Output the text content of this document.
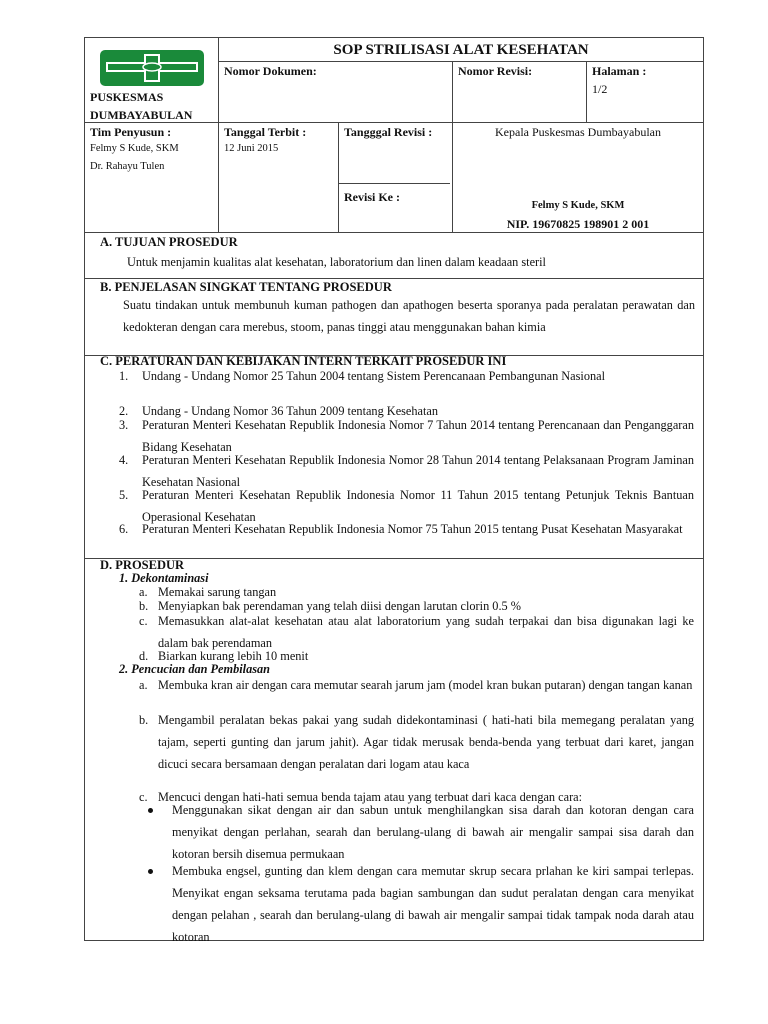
PUSKESMAS
DUMBAYABULAN
SOP STRILISASI ALAT KESEHATAN
Nomor Dokumen:	Nomor Revisi:	Halaman :
1/2
Tim Penyusun :
Felmy S Kude, SKM
Dr. Rahayu Tulen
Tanggal Terbit :
12 Juni 2015
Tangggal Revisi :
Revisi Ke :
Kepala Puskesmas Dumbayabulan
Felmy S Kude, SKM
NIP. 19670825 198901 2 001
A. TUJUAN PROSEDUR
Untuk menjamin kualitas alat kesehatan, laboratorium dan linen dalam keadaan steril
B. PENJELASAN SINGKAT TENTANG PROSEDUR
Suatu tindakan untuk membunuh kuman pathogen dan apathogen beserta sporanya pada peralatan perawatan dan kedokteran dengan cara merebus, stoom, panas tinggi atau menggunakan bahan kimia
C. PERATURAN DAN KEBIJAKAN INTERN TERKAIT PROSEDUR INI
1. Undang - Undang Nomor 25 Tahun 2004 tentang Sistem Perencanaan Pembangunan Nasional
2. Undang - Undang Nomor 36 Tahun 2009 tentang Kesehatan
3. Peraturan Menteri Kesehatan Republik Indonesia Nomor 7 Tahun 2014 tentang Perencanaan dan Penganggaran Bidang Kesehatan
4. Peraturan Menteri Kesehatan Republik Indonesia Nomor 28 Tahun 2014 tentang Pelaksanaan Program Jaminan Kesehatan Nasional
5. Peraturan Menteri Kesehatan Republik Indonesia Nomor 11 Tahun 2015 tentang Petunjuk Teknis Bantuan Operasional Kesehatan
6. Peraturan Menteri Kesehatan Republik Indonesia Nomor 75 Tahun 2015 tentang Pusat Kesehatan Masyarakat
D. PROSEDUR
1. Dekontaminasi
a. Memakai sarung tangan
b. Menyiapkan bak perendaman yang telah diisi dengan larutan clorin 0.5 %
c. Memasukkan alat-alat kesehatan atau alat laboratorium yang sudah terpakai dan bisa digunakan lagi ke dalam bak perendaman
d. Biarkan kurang lebih 10 menit
2. Pencucian dan Pembilasan
a. Membuka kran air dengan cara memutar searah jarum jam (model kran bukan putaran) dengan tangan kanan
b. Mengambil peralatan bekas pakai yang sudah didekontaminasi ( hati-hati bila memegang peralatan yang tajam, seperti gunting dan jarum jahit). Agar tidak merusak benda-benda yang terbuat dari karet, jangan dicuci secara bersamaan dengan peralatan dari logam atau kaca
c. Mencuci dengan hati-hati semua benda tajam atau yang terbuat dari kaca dengan cara:
Menggunakan sikat dengan air dan sabun untuk menghilangkan sisa darah dan kotoran dengan cara menyikat dengan perlahan, searah dan berulang-ulang di bawah air mengalir sampai sisa darah dan kotoran bersih disemua permukaan
Membuka engsel, gunting dan klem dengan cara memutar skrup secara prlahan ke kiri sampai terlepas. Menyikat engan seksama terutama pada bagian sambungan dan sudut peralatan dengan cara menyikat dengan pelahan , searah dan berulang-ulang di bawah air mengalir sampai tidak tampak noda darah atau kotoran
